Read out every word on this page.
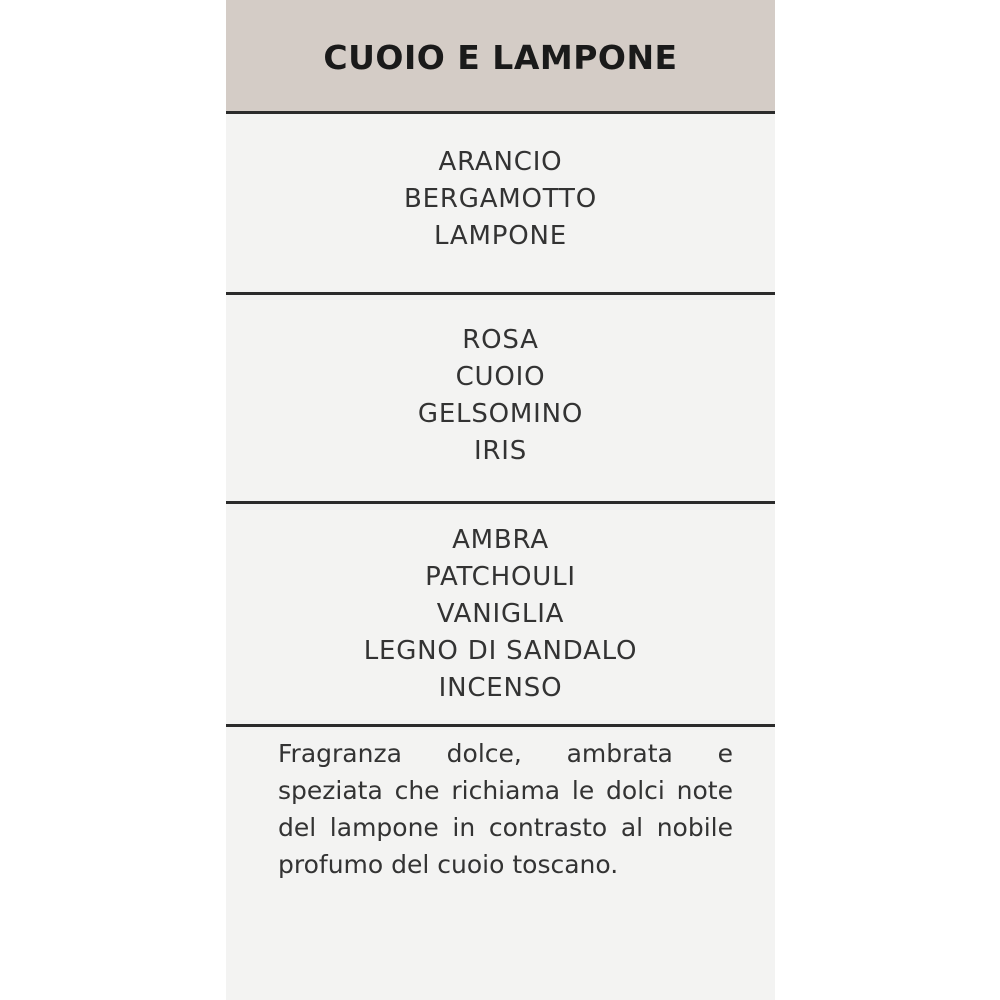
CUOIO E LAMPONE
ARANCIO
BERGAMOTTO
LAMPONE
ROSA
CUOIO
GELSOMINO
IRIS
AMBRA
PATCHOULI
VANIGLIA
LEGNO DI SANDALO
INCENSO
Fragranza dolce, ambrata e speziata che richiama le dolci note del lampone in contrasto al nobile profumo del cuoio toscano.
